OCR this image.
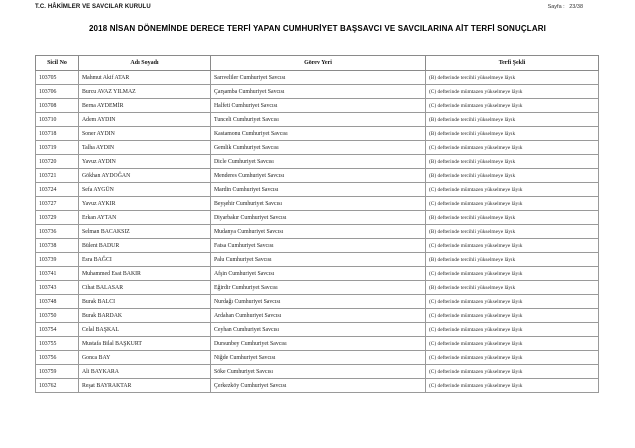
T.C. HÂKİMLER VE SAVCILAR KURULU	Sayfa : 23/38
2018 NİSAN DÖNEMİNDE DERECE TERFİ YAPAN CUMHURİYET BAŞSAVCI VE SAVCILARINA AİT TERFİ SONUÇLARI
Sicil No	Adı Soyadı	Görev Yeri	Terfi Şekli
103705	Mahmut Akif ATAR	Sarıveliler Cumhuriyet Savcısı	(B) defterinde tercihli yükselmeye lâyık
103706	Burcu AVAZ YILMAZ	Çarşamba Cumhuriyet Savcısı	(C) defterinde mümtazen yükselmeye lâyık
103708	Berna AYDEMİR	Halfeti Cumhuriyet Savcısı	(C) defterinde mümtazen yükselmeye lâyık
103710	Adem AYDIN	Tunceli Cumhuriyet Savcısı	(B) defterinde tercihli yükselmeye lâyık
103718	Soner AYDIN	Kastamonu Cumhuriyet Savcısı	(B) defterinde tercihli yükselmeye lâyık
103719	Talha AYDIN	Gemlik Cumhuriyet Savcısı	(C) defterinde mümtazen yükselmeye lâyık
103720	Yavuz AYDIN	Dicle Cumhuriyet Savcısı	(B) defterinde tercihli yükselmeye lâyık
103721	Gökhan AYDOĞAN	Menderes Cumhuriyet Savcısı	(B) defterinde tercihli yükselmeye lâyık
103724	Sefa AYGÜN	Mardin Cumhuriyet Savcısı	(C) defterinde mümtazen yükselmeye lâyık
103727	Yavuz AYKIR	Beyşehir Cumhuriyet Savcısı	(C) defterinde mümtazen yükselmeye lâyık
103729	Erkan AYTAN	Diyarbakır Cumhuriyet Savcısı	(B) defterinde tercihli yükselmeye lâyık
103736	Selman BACAKSIZ	Mudanya Cumhuriyet Savcısı	(B) defterinde tercihli yükselmeye lâyık
103738	Bülent BADUR	Fatsa Cumhuriyet Savcısı	(C) defterinde mümtazen yükselmeye lâyık
103739	Esra BAĞCI	Palu Cumhuriyet Savcısı	(B) defterinde tercihli yükselmeye lâyık
103741	Muhammed Esat BAKIR	Afşin Cumhuriyet Savcısı	(C) defterinde mümtazen yükselmeye lâyık
103743	Cihat BALASAR	Eğirdir Cumhuriyet Savcısı	(B) defterinde tercihli yükselmeye lâyık
103748	Burak BALCI	Nurdağı Cumhuriyet Savcısı	(C) defterinde mümtazen yükselmeye lâyık
103750	Burak BARDAK	Ardahan Cumhuriyet Savcısı	(C) defterinde mümtazen yükselmeye lâyık
103754	Celal BAŞKAL	Ceyhan Cumhuriyet Savcısı	(C) defterinde mümtazen yükselmeye lâyık
103755	Mustafa Bilal BAŞKURT	Dursunbey Cumhuriyet Savcısı	(C) defterinde mümtazen yükselmeye lâyık
103756	Gonca BAY	Niğde Cumhuriyet Savcısı	(C) defterinde mümtazen yükselmeye lâyık
103759	Ali BAYKARA	Söke Cumhuriyet Savcısı	(C) defterinde mümtazen yükselmeye lâyık
103762	Reşat BAYRAKTAR	Çerkezköy Cumhuriyet Savcısı	(C) defterinde mümtazen yükselmeye lâyık
